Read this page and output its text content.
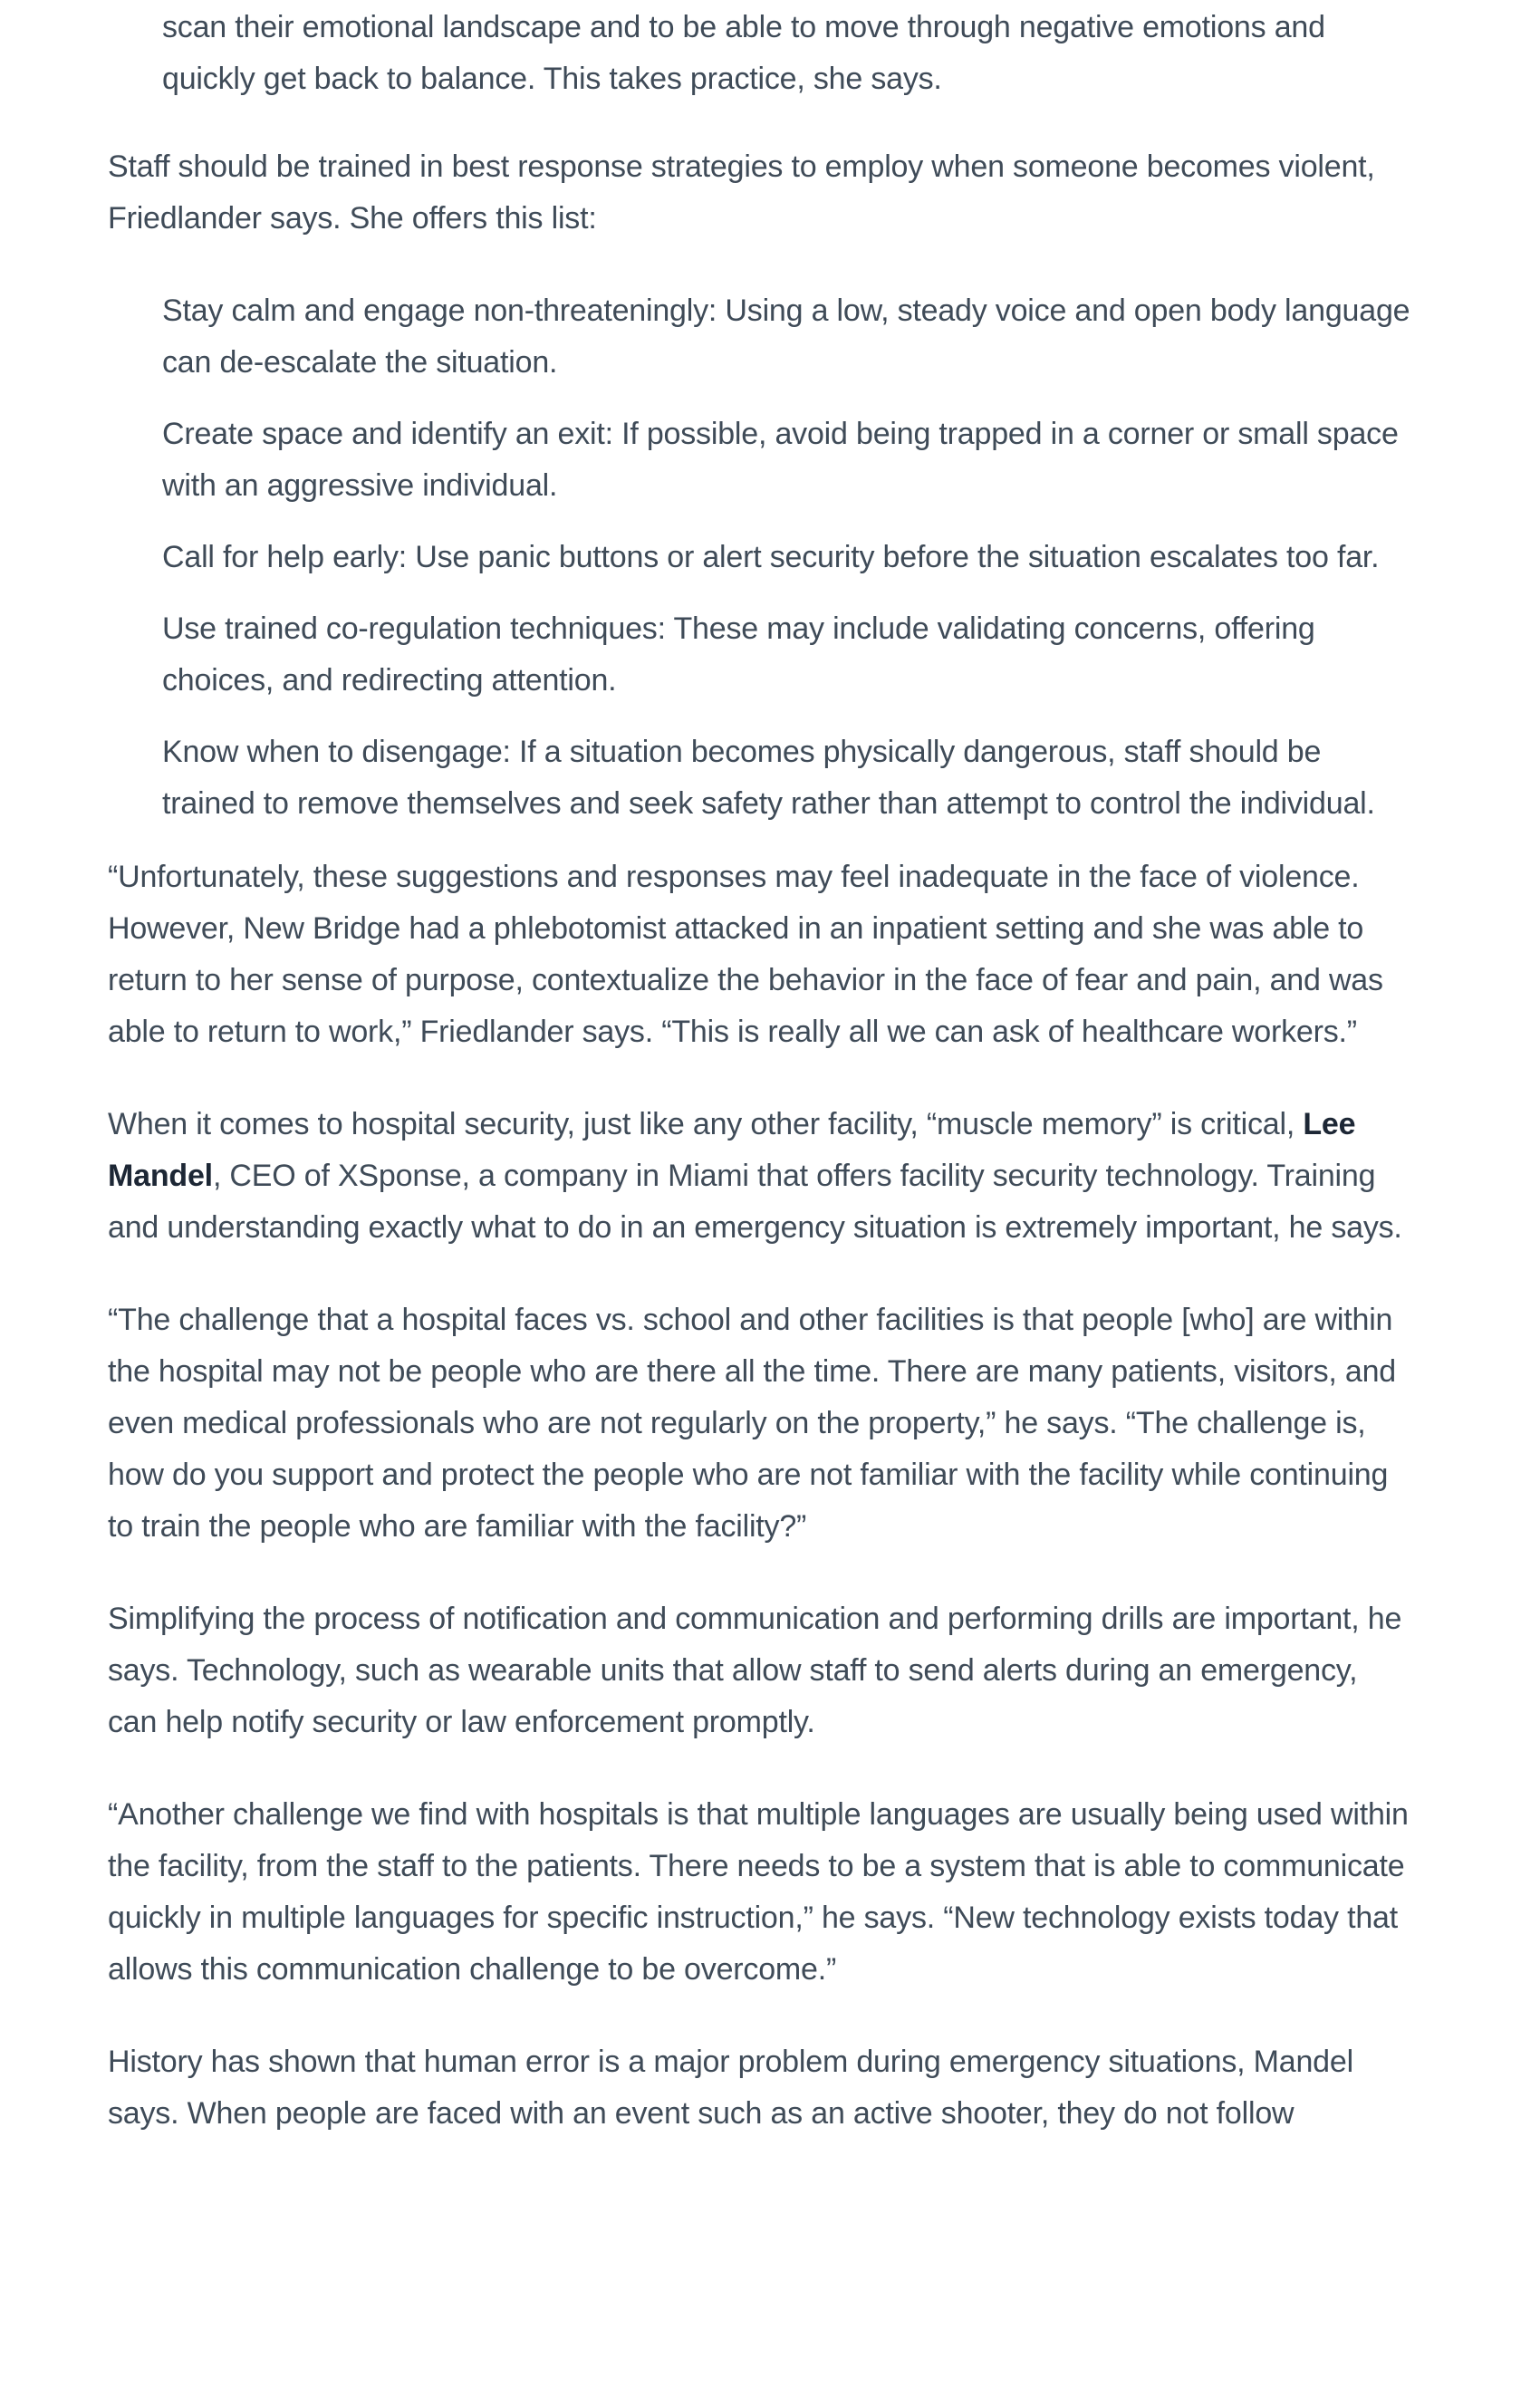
scan their emotional landscape and to be able to move through negative emotions and quickly get back to balance. This takes practice, she says.

Staff should be trained in best response strategies to employ when someone becomes violent, Friedlander says. She offers this list:

Stay calm and engage non-threateningly: Using a low, steady voice and open body language can de-escalate the situation.

Create space and identify an exit: If possible, avoid being trapped in a corner or small space with an aggressive individual.

Call for help early: Use panic buttons or alert security before the situation escalates too far.

Use trained co-regulation techniques: These may include validating concerns, offering choices, and redirecting attention.

Know when to disengage: If a situation becomes physically dangerous, staff should be trained to remove themselves and seek safety rather than attempt to control the individual.

“Unfortunately, these suggestions and responses may feel inadequate in the face of violence. However, New Bridge had a phlebotomist attacked in an inpatient setting and she was able to return to her sense of purpose, contextualize the behavior in the face of fear and pain, and was able to return to work,” Friedlander says. “This is really all we can ask of healthcare workers.”

When it comes to hospital security, just like any other facility, “muscle memory” is critical, Lee Mandel, CEO of XSponse, a company in Miami that offers facility security technology. Training and understanding exactly what to do in an emergency situation is extremely important, he says.

“The challenge that a hospital faces vs. school and other facilities is that people [who] are within the hospital may not be people who are there all the time. There are many patients, visitors, and even medical professionals who are not regularly on the property,” he says. “The challenge is, how do you support and protect the people who are not familiar with the facility while continuing to train the people who are familiar with the facility?”

Simplifying the process of notification and communication and performing drills are important, he says. Technology, such as wearable units that allow staff to send alerts during an emergency, can help notify security or law enforcement promptly.

“Another challenge we find with hospitals is that multiple languages are usually being used within the facility, from the staff to the patients. There needs to be a system that is able to communicate quickly in multiple languages for specific instruction,” he says. “New technology exists today that allows this communication challenge to be overcome.”

History has shown that human error is a major problem during emergency situations, Mandel says. When people are faced with an event such as an active shooter, they do not follow
